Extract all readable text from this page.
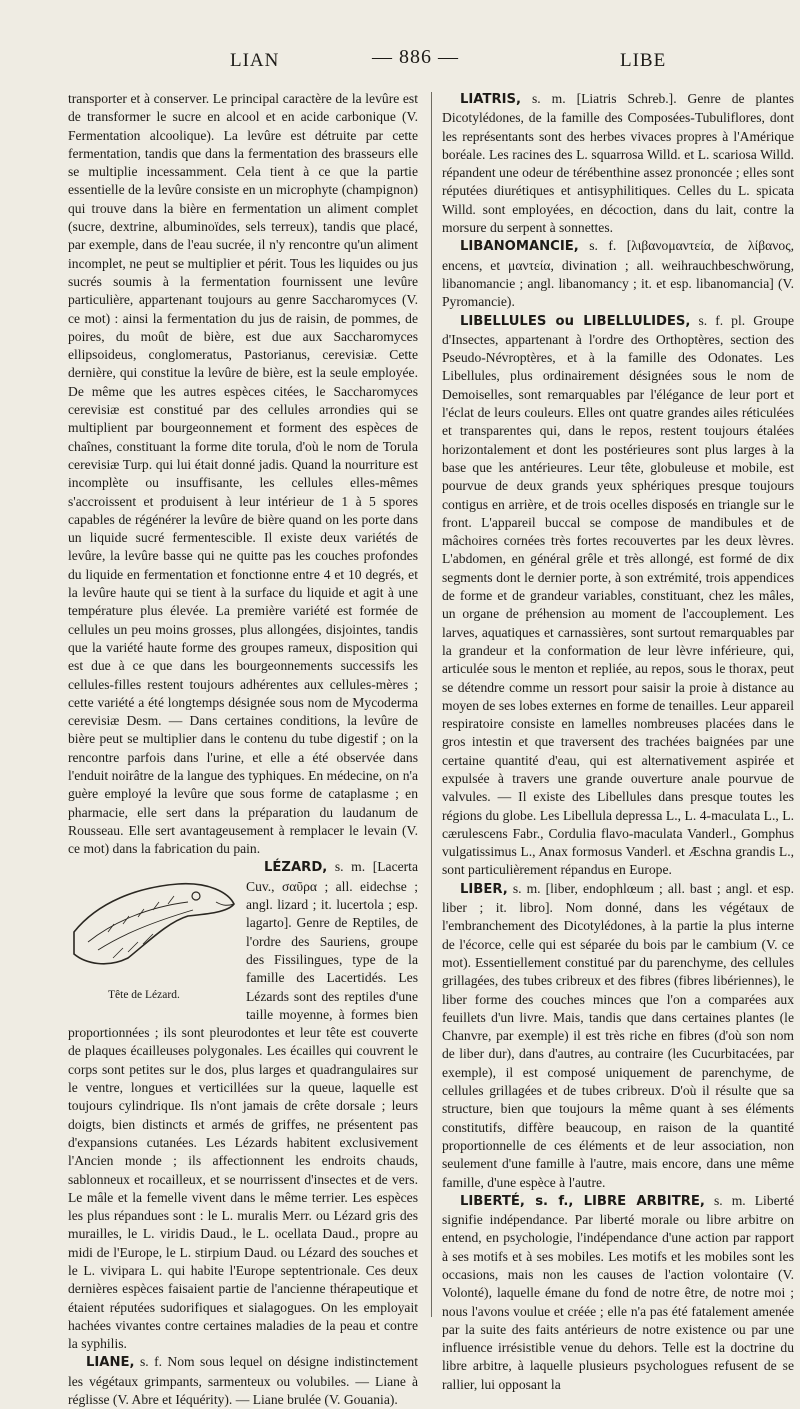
LIAN	— 886 —	LIBE

transporter et à conserver. Le principal caractère de la levûre est de transformer le sucre en alcool et en acide carbonique (V. Fermentation alcoolique). La levûre est détruite par cette fermentation, tandis que dans la fermentation des brasseurs elle se multiplie incessamment. Cela tient à ce que la partie essentielle de la levûre consiste en un microphyte (champignon) qui trouve dans la bière en fermentation un aliment complet (sucre, dextrine, albuminoïdes, sels terreux), tandis que placé, par exemple, dans de l'eau sucrée, il n'y rencontre qu'un aliment incomplet, ne peut se multiplier et périt. Tous les liquides ou jus sucrés soumis à la fermentation fournissent une levûre particulière, appartenant toujours au genre Saccharomyces (V. ce mot) : ainsi la fermentation du jus de raisin, de pommes, de poires, du moût de bière, est due aux Saccharomyces ellipsoideus, conglomeratus, Pastorianus, cerevisiæ. Cette dernière, qui constitue la levûre de bière, est la seule employée. De même que les autres espèces citées, le Saccharomyces cerevisiæ est constitué par des cellules arrondies qui se multiplient par bourgeonnement et forment des espèces de chaînes, constituant la forme dite torula, d'où le nom de Torula cerevisiæ Turp. qui lui était donné jadis. Quand la nourriture est incomplète ou insuffisante, les cellules elles-mêmes s'accroissent et produisent à leur intérieur de 1 à 5 spores capables de régénérer la levûre de bière quand on les porte dans un liquide sucré fermentescible. Il existe deux variétés de levûre, la levûre basse qui ne quitte pas les couches profondes du liquide en fermentation et fonctionne entre 4 et 10 degrés, et la levûre haute qui se tient à la surface du liquide et agit à une température plus élevée. La première variété est formée de cellules un peu moins grosses, plus allongées, disjointes, tandis que la variété haute forme des groupes rameux, disposition qui est due à ce que dans les bourgeonnements successifs les cellules-filles restent toujours adhérentes aux cellules-mères ; cette variété a été longtemps désignée sous nom de Mycoderma cerevisiæ Desm. — Dans certaines conditions, la levûre de bière peut se multiplier dans le contenu du tube digestif ; on la rencontre parfois dans l'urine, et elle a été observée dans l'enduit noirâtre de la langue des typhiques. En médecine, on n'a guère employé la levûre que sous forme de cataplasme ; en pharmacie, elle sert dans la préparation du laudanum de Rousseau. Elle sert avantageusement à remplacer le levain (V. ce mot) dans la fabrication du pain.

LÉZARD,
Tête de Lézard.
s. m. [Lacerta Cuv., σαῦρα ; all. eidechse ; angl. lizard ; it. lucertola ; esp. lagarto]. Genre de Reptiles, de l'ordre des Sauriens, groupe des Fissilingues, type de la famille des Lacertidés. Les Lézards sont des reptiles d'une taille moyenne, à formes bien proportionnées ; ils sont pleurodontes et leur tête est couverte de plaques écailleuses polygonales. Les écailles qui couvrent le corps sont petites sur le dos, plus larges et quadrangulaires sur le ventre, longues et verticillées sur la queue, laquelle est toujours cylindrique. Ils n'ont jamais de crête dorsale ; leurs doigts, bien distincts et armés de griffes, ne présentent pas d'expansions cutanées. Les Lézards habitent exclusivement l'Ancien monde ; ils affectionnent les endroits chauds, sablonneux et rocailleux, et se nourrissent d'insectes et de vers. Le mâle et la femelle vivent dans le même terrier. Les espèces les plus répandues sont : le L. muralis Merr. ou Lézard gris des murailles, le L. viridis Daud., le L. ocellata Daud., propre au midi de l'Europe, le L. stirpium Daud. ou Lézard des souches et le L. vivipara L. qui habite l'Europe septentrionale. Ces deux dernières espèces faisaient partie de l'ancienne thérapeutique et étaient réputées sudorifiques et sialagogues. On les employait hachées vivantes contre certaines maladies de la peau et contre la syphilis.

LIANE, s. f. Nom sous lequel on désigne indistinctement les végétaux grimpants, sarmenteux ou volubiles. — Liane à réglisse (V. Abre et Iéquérity). — Liane brulée (V. Gouania).

LIATRIS, s. m. [Liatris Schreb.]. Genre de plantes Dicotylédones, de la famille des Composées-Tubuliflores, dont les représentants sont des herbes vivaces propres à l'Amérique boréale. Les racines des L. squarrosa Willd. et L. scariosa Willd. répandent une odeur de térébenthine assez prononcée ; elles sont réputées diurétiques et antisyphilitiques. Celles du L. spicata Willd. sont employées, en décoction, dans du lait, contre la morsure du serpent à sonnettes.

LIBANOMANCIE, s. f. [λιβανομαντεία, de λίβανος, encens, et μαντεία, divination ; all. weihrauchbeschwörung, libanomancie ; angl. libanomancy ; it. et esp. libanomancia] (V. Pyromancie).

LIBELLULES ou LIBELLULIDES, s. f. pl. Groupe d'Insectes, appartenant à l'ordre des Orthoptères, section des Pseudo-Névroptères, et à la famille des Odonates. Les Libellules, plus ordinairement désignées sous le nom de Demoiselles, sont remarquables par l'élégance de leur port et l'éclat de leurs couleurs. Elles ont quatre grandes ailes réticulées et transparentes qui, dans le repos, restent toujours étalées horizontalement et dont les postérieures sont plus larges à la base que les antérieures. Leur tête, globuleuse et mobile, est pourvue de deux grands yeux sphériques presque toujours contigus en arrière, et de trois ocelles disposés en triangle sur le front. L'appareil buccal se compose de mandibules et de mâchoires cornées très fortes recouvertes par les deux lèvres. L'abdomen, en général grêle et très allongé, est formé de dix segments dont le dernier porte, à son extrémité, trois appendices de forme et de grandeur variables, constituant, chez les mâles, un organe de préhension au moment de l'accouplement. Les larves, aquatiques et carnassières, sont surtout remarquables par la grandeur et la conformation de leur lèvre inférieure, qui, articulée sous le menton et repliée, au repos, sous le thorax, peut se détendre comme un ressort pour saisir la proie à distance au moyen de ses lobes externes en forme de tenailles. Leur appareil respiratoire consiste en lamelles nombreuses placées dans le gros intestin et que traversent des trachées baignées par une certaine quantité d'eau, qui est alternativement aspirée et expulsée à travers une grande ouverture anale pourvue de valvules. — Il existe des Libellules dans presque toutes les régions du globe. Les Libellula depressa L., L. 4-maculata L., L. cærulescens Fabr., Cordulia flavo-maculata Vanderl., Gomphus vulgatissimus L., Anax formosus Vanderl. et Æschna grandis L., sont particulièrement répandus en Europe.

LIBER, s. m. [liber, endophlœum ; all. bast ; angl. et esp. liber ; it. libro]. Nom donné, dans les végétaux de l'embranchement des Dicotylédones, à la partie la plus interne de l'écorce, celle qui est séparée du bois par le cambium (V. ce mot). Essentiellement constitué par du parenchyme, des cellules grillagées, des tubes cribreux et des fibres (fibres libériennes), le liber forme des couches minces que l'on a comparées aux feuillets d'un livre. Mais, tandis que dans certaines plantes (le Chanvre, par exemple) il est très riche en fibres (d'où son nom de liber dur), dans d'autres, au contraire (les Cucurbitacées, par exemple), il est composé uniquement de parenchyme, de cellules grillagées et de tubes cribreux. D'où il résulte que sa structure, bien que toujours la même quant à ses éléments constitutifs, diffère beaucoup, en raison de la quantité proportionnelle de ces éléments et de leur association, non seulement d'une famille à l'autre, mais encore, dans une même famille, d'une espèce à l'autre.

LIBERTÉ, s. f., LIBRE ARBITRE, s. m. Liberté signifie indépendance. Par liberté morale ou libre arbitre on entend, en psychologie, l'indépendance d'une action par rapport à ses motifs et à ses mobiles. Les motifs et les mobiles sont les occasions, mais non les causes de l'action volontaire (V. Volonté), laquelle émane du fond de notre être, de notre moi ; nous l'avons voulue et créée ; elle n'a pas été fatalement amenée par la suite des faits antérieurs de notre existence ou par une influence irrésistible venue du dehors. Telle est la doctrine du libre arbitre, à laquelle plusieurs psychologues refusent de se rallier, lui opposant la
